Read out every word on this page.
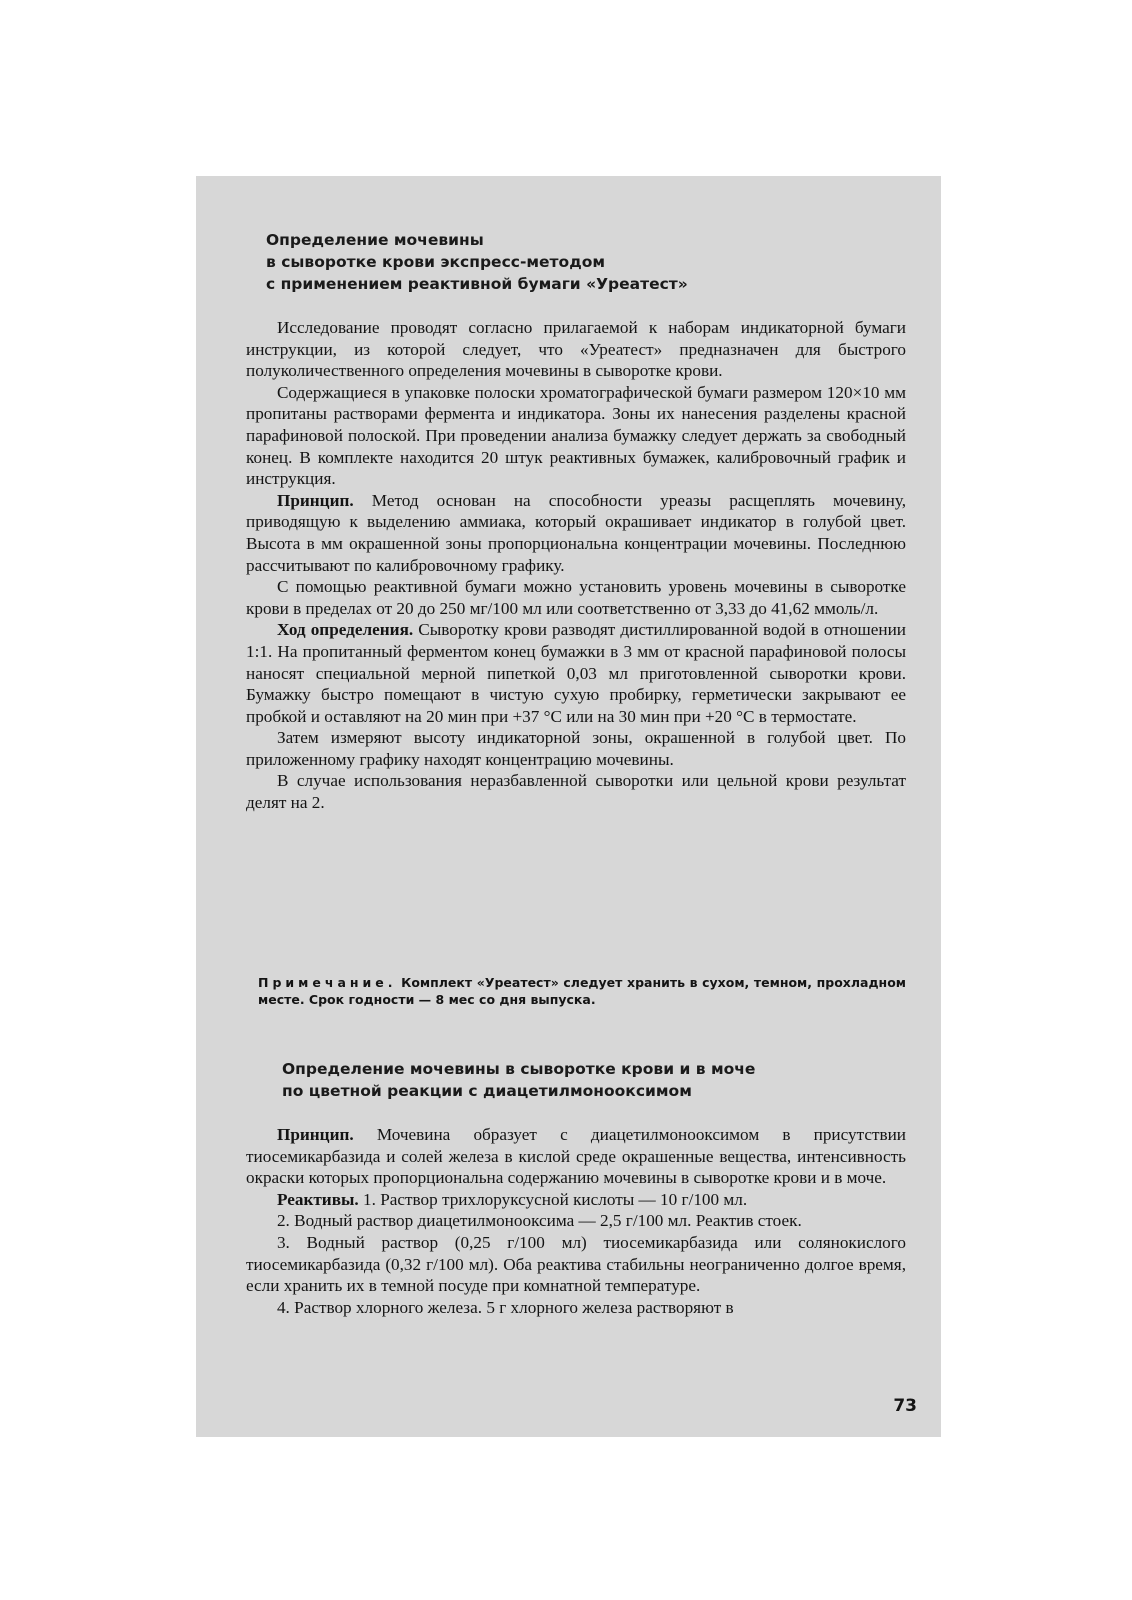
Определение мочевины
в сыворотке крови экспресс-методом
с применением реактивной бумаги «Уреатест»

Исследование проводят согласно прилагаемой к наборам индикаторной бумаги инструкции, из которой следует, что «Уреатест» предназначен для быстрого полуколичественного определения мочевины в сыворотке крови.

Содержащиеся в упаковке полоски хроматографической бумаги размером 120×10 мм пропитаны растворами фермента и индикатора. Зоны их нанесения разделены красной парафиновой полоской. При проведении анализа бумажку следует держать за свободный конец. В комплекте находится 20 штук реактивных бумажек, калибровочный график и инструкция.

Принцип. Метод основан на способности уреазы расщеплять мочевину, приводящую к выделению аммиака, который окрашивает индикатор в голубой цвет. Высота в мм окрашенной зоны пропорциональна концентрации мочевины. Последнюю рассчитывают по калибровочному графику.

С помощью реактивной бумаги можно установить уровень мочевины в сыворотке крови в пределах от 20 до 250 мг/100 мл или соответственно от 3,33 до 41,62 ммоль/л.

Ход определения. Сыворотку крови разводят дистиллированной водой в отношении 1:1. На пропитанный ферментом конец бумажки в 3 мм от красной парафиновой полосы наносят специальной мерной пипеткой 0,03 мл приготовленной сыворотки крови. Бумажку быстро помещают в чистую сухую пробирку, герметически закрывают ее пробкой и оставляют на 20 мин при +37 °С или на 30 мин при +20 °С в термостате.

Затем измеряют высоту индикаторной зоны, окрашенной в голубой цвет. По приложенному графику находят концентрацию мочевины.

В случае использования неразбавленной сыворотки или цельной крови результат делят на 2.

Примечание. Комплект «Уреатест» следует хранить в сухом, темном, прохладном месте. Срок годности — 8 мес со дня выпуска.

Определение мочевины в сыворотке крови и в моче
по цветной реакции с диацетилмонооксимом

Принцип. Мочевина образует с диацетилмонооксимом в присутствии тиосемикарбазида и солей железа в кислой среде окрашенные вещества, интенсивность окраски которых пропорциональна содержанию мочевины в сыворотке крови и в моче.

Реактивы. 1. Раствор трихлоруксусной кислоты — 10 г/100 мл.

2. Водный раствор диацетилмонооксима — 2,5 г/100 мл. Реактив стоек.

3. Водный раствор (0,25 г/100 мл) тиосемикарбазида или солянокислого тиосемикарбазида (0,32 г/100 мл). Оба реактива стабильны неограниченно долгое время, если хранить их в темной посуде при комнатной температуре.

4. Раствор хлорного железа. 5 г хлорного железа растворяют в

73
